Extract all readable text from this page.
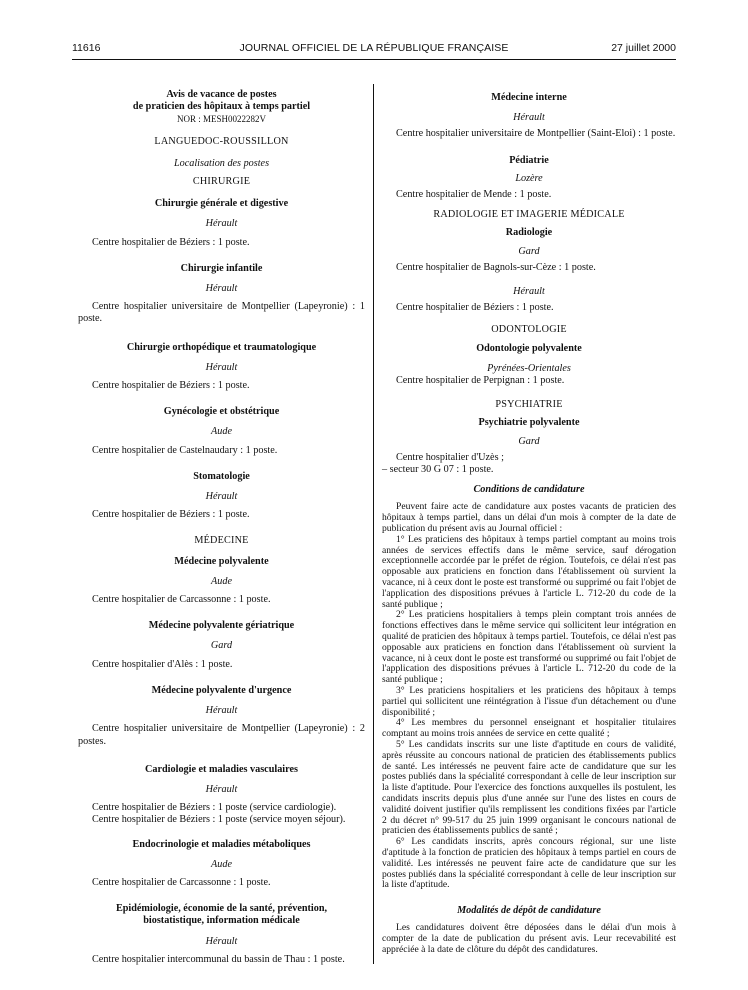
11616	JOURNAL OFFICIEL DE LA RÉPUBLIQUE FRANÇAISE	27 juillet 2000

Avis de vacance de postes

de praticien des hôpitaux à temps partiel

NOR : MESH0022282V

LANGUEDOC-ROUSSILLON

Localisation des postes

CHIRURGIE

Chirurgie générale et digestive

Hérault

Centre hospitalier de Béziers : 1 poste.

Chirurgie infantile

Hérault

Centre hospitalier universitaire de Montpellier (Lapeyronie) : 1 poste.

Chirurgie orthopédique et traumatologique

Hérault

Centre hospitalier de Béziers : 1 poste.

Gynécologie et obstétrique

Aude

Centre hospitalier de Castelnaudary : 1 poste.

Stomatologie

Hérault

Centre hospitalier de Béziers : 1 poste.

MÉDECINE

Médecine polyvalente

Aude

Centre hospitalier de Carcassonne : 1 poste.

Médecine polyvalente gériatrique

Gard

Centre hospitalier d'Alès : 1 poste.

Médecine polyvalente d'urgence

Hérault

Centre hospitalier universitaire de Montpellier (Lapeyronie) : 2 postes.

Cardiologie et maladies vasculaires

Hérault

Centre hospitalier de Béziers : 1 poste (service cardiologie).

Centre hospitalier de Béziers : 1 poste (service moyen séjour).

Endocrinologie et maladies métaboliques

Aude

Centre hospitalier de Carcassonne : 1 poste.

Epidémiologie, économie de la santé, prévention,

biostatistique, information médicale

Hérault

Centre hospitalier intercommunal du bassin de Thau : 1 poste.

Médecine interne

Hérault

Centre hospitalier universitaire de Montpellier (Saint-Eloi) : 1 poste.

Pédiatrie

Lozère

Centre hospitalier de Mende : 1 poste.

RADIOLOGIE ET IMAGERIE MÉDICALE

Radiologie

Gard

Centre hospitalier de Bagnols-sur-Cèze : 1 poste.

Hérault

Centre hospitalier de Béziers : 1 poste.

ODONTOLOGIE

Odontologie polyvalente

Pyrénées-Orientales

Centre hospitalier de Perpignan : 1 poste.

PSYCHIATRIE

Psychiatrie polyvalente

Gard

Centre hospitalier d'Uzès ;

– secteur 30 G 07 : 1 poste.

Conditions de candidature

Peuvent faire acte de candidature aux postes vacants de praticien des hôpitaux à temps partiel, dans un délai d'un mois à compter de la date de publication du présent avis au Journal officiel :

1° Les praticiens des hôpitaux à temps partiel comptant au moins trois années de services effectifs dans le même service, sauf dérogation exceptionnelle accordée par le préfet de région. Toutefois, ce délai n'est pas opposable aux praticiens en fonction dans l'établissement où survient la vacance, ni à ceux dont le poste est transformé ou supprimé ou fait l'objet de l'application des dispositions prévues à l'article L. 712-20 du code de la santé publique ;

2° Les praticiens hospitaliers à temps plein comptant trois années de fonctions effectives dans le même service qui sollicitent leur intégration en qualité de praticien des hôpitaux à temps partiel. Toutefois, ce délai n'est pas opposable aux praticiens en fonction dans l'établissement où survient la vacance, ni à ceux dont le poste est transformé ou supprimé ou fait l'objet de l'application des dispositions prévues à l'article L. 712-20 du code de la santé publique ;

3° Les praticiens hospitaliers et les praticiens des hôpitaux à temps partiel qui sollicitent une réintégration à l'issue d'un détachement ou d'une disponibilité ;

4° Les membres du personnel enseignant et hospitalier titulaires comptant au moins trois années de service en cette qualité ;

5° Les candidats inscrits sur une liste d'aptitude en cours de validité, après réussite au concours national de praticien des établissements publics de santé. Les intéressés ne peuvent faire acte de candidature que sur les postes publiés dans la spécialité correspondant à celle de leur inscription sur la liste d'aptitude. Pour l'exercice des fonctions auxquelles ils postulent, les candidats inscrits depuis plus d'une année sur l'une des listes en cours de validité doivent justifier qu'ils remplissent les conditions fixées par l'article 2 du décret n° 99-517 du 25 juin 1999 organisant le concours national de praticien des établissements publics de santé ;

6° Les candidats inscrits, après concours régional, sur une liste d'aptitude à la fonction de praticien des hôpitaux à temps partiel en cours de validité. Les intéressés ne peuvent faire acte de candidature que sur les postes publiés dans la spécialité correspondant à celle de leur inscription sur la liste d'aptitude.

Modalités de dépôt de candidature

Les candidatures doivent être déposées dans le délai d'un mois à compter de la date de publication du présent avis. Leur recevabilité est appréciée à la date de clôture du dépôt des candidatures.
